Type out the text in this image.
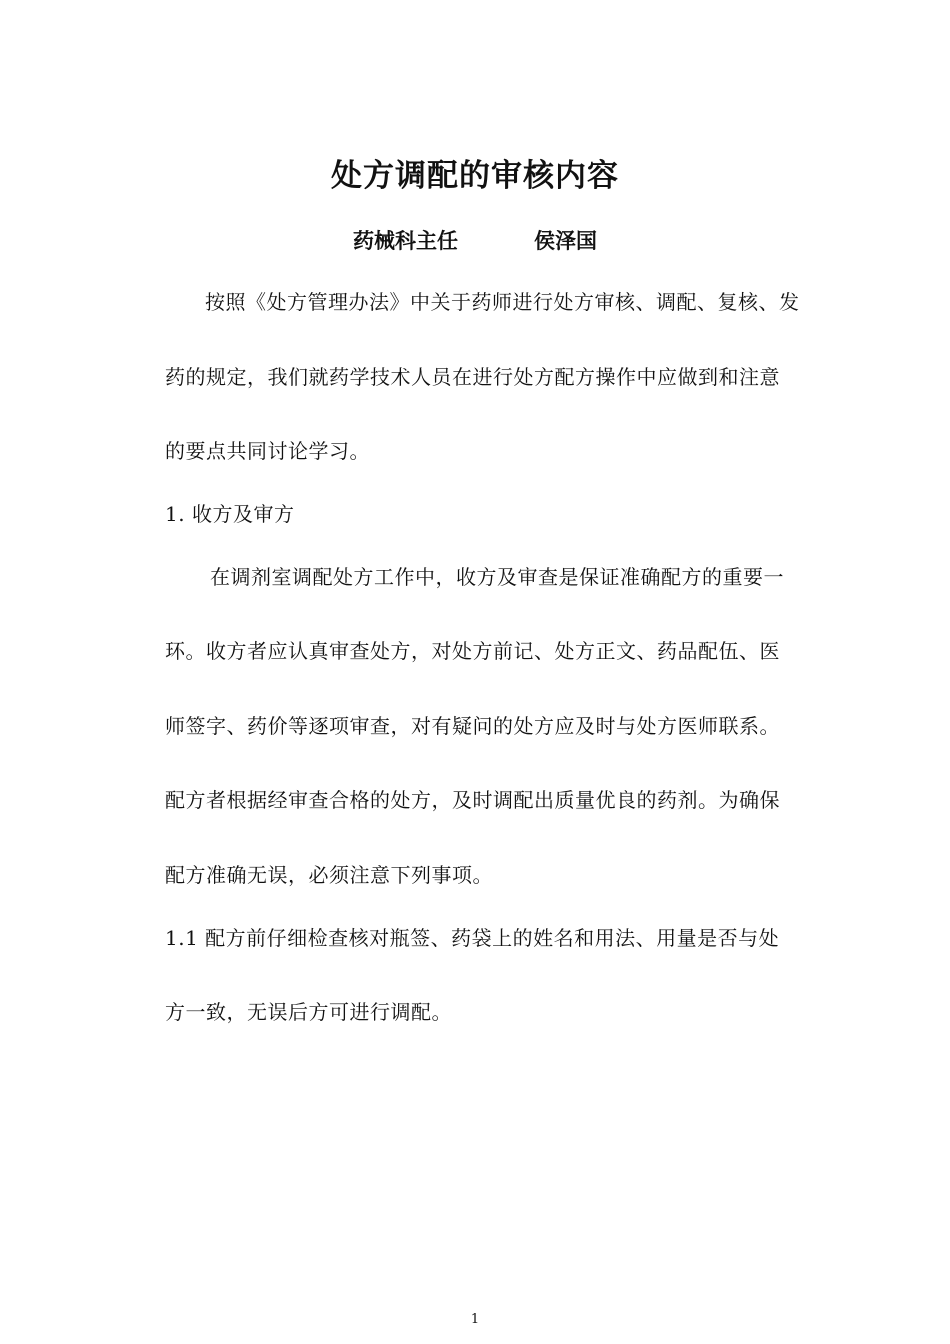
处方调配的审核内容
药械科主任	侯泽国
按照《处方管理办法》中关于药师进行处方审核、调配、复核、发
药的规定，我们就药学技术人员在进行处方配方操作中应做到和注意
的要点共同讨论学习。
1. 收方及审方
在调剂室调配处方工作中，收方及审查是保证准确配方的重要一
环。收方者应认真审查处方，对处方前记、处方正文、药品配伍、医
师签字、药价等逐项审查，对有疑问的处方应及时与处方医师联系。
配方者根据经审查合格的处方，及时调配出质量优良的药剂。为确保
配方准确无误，必须注意下列事项。
1.1 配方前仔细检查核对瓶签、药袋上的姓名和用法、用量是否与处
方一致，无误后方可进行调配。
1
